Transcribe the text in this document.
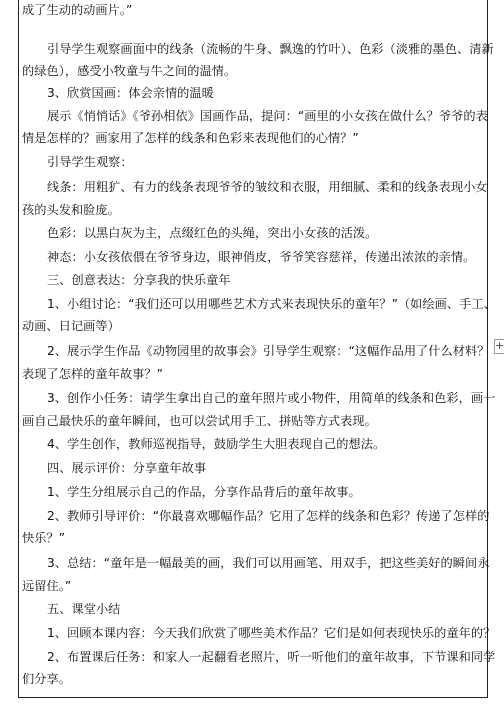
成了生动的动画片。”
引导学生观察画面中的线条（流畅的牛身、飘逸的竹叶）、色彩（淡雅的墨色、清新
的绿色），感受小牧童与牛之间的温情。
3、欣赏国画：体会亲情的温暖
展示《悄悄话》《爷孙相依》国画作品，提问：“画里的小女孩在做什么？爷爷的表
情是怎样的？画家用了怎样的线条和色彩来表现他们的心情？”
引导学生观察：
线条：用粗犷、有力的线条表现爷爷的皱纹和衣服，用细腻、柔和的线条表现小女
孩的头发和脸庞。
色彩：以黑白灰为主，点缀红色的头绳，突出小女孩的活泼。
神态：小女孩依偎在爷爷身边，眼神俏皮，爷爷笑容慈祥，传递出浓浓的亲情。
三、创意表达：分享我的快乐童年
1、小组讨论：“我们还可以用哪些艺术方式来表现快乐的童年？”（如绘画、手工、
动画、日记画等）
2、展示学生作品《动物园里的故事会》引导学生观察：“这幅作品用了什么材料？
表现了怎样的童年故事？”
3、创作小任务：请学生拿出自己的童年照片或小物件，用简单的线条和色彩，画一
画自己最快乐的童年瞬间，也可以尝试用手工、拼贴等方式表现。
4、学生创作，教师巡视指导，鼓励学生大胆表现自己的想法。
四、展示评价：分享童年故事
1、学生分组展示自己的作品，分享作品背后的童年故事。
2、教师引导评价：“你最喜欢哪幅作品？它用了怎样的线条和色彩？传递了怎样的
快乐？”
3、总结：“童年是一幅最美的画，我们可以用画笔、用双手，把这些美好的瞬间永
远留住。”
五、课堂小结
1、回顾本课内容：今天我们欣赏了哪些美术作品？它们是如何表现快乐的童年的？
2、布置课后任务：和家人一起翻看老照片，听一听他们的童年故事，下节课和同学
们分享。
+
